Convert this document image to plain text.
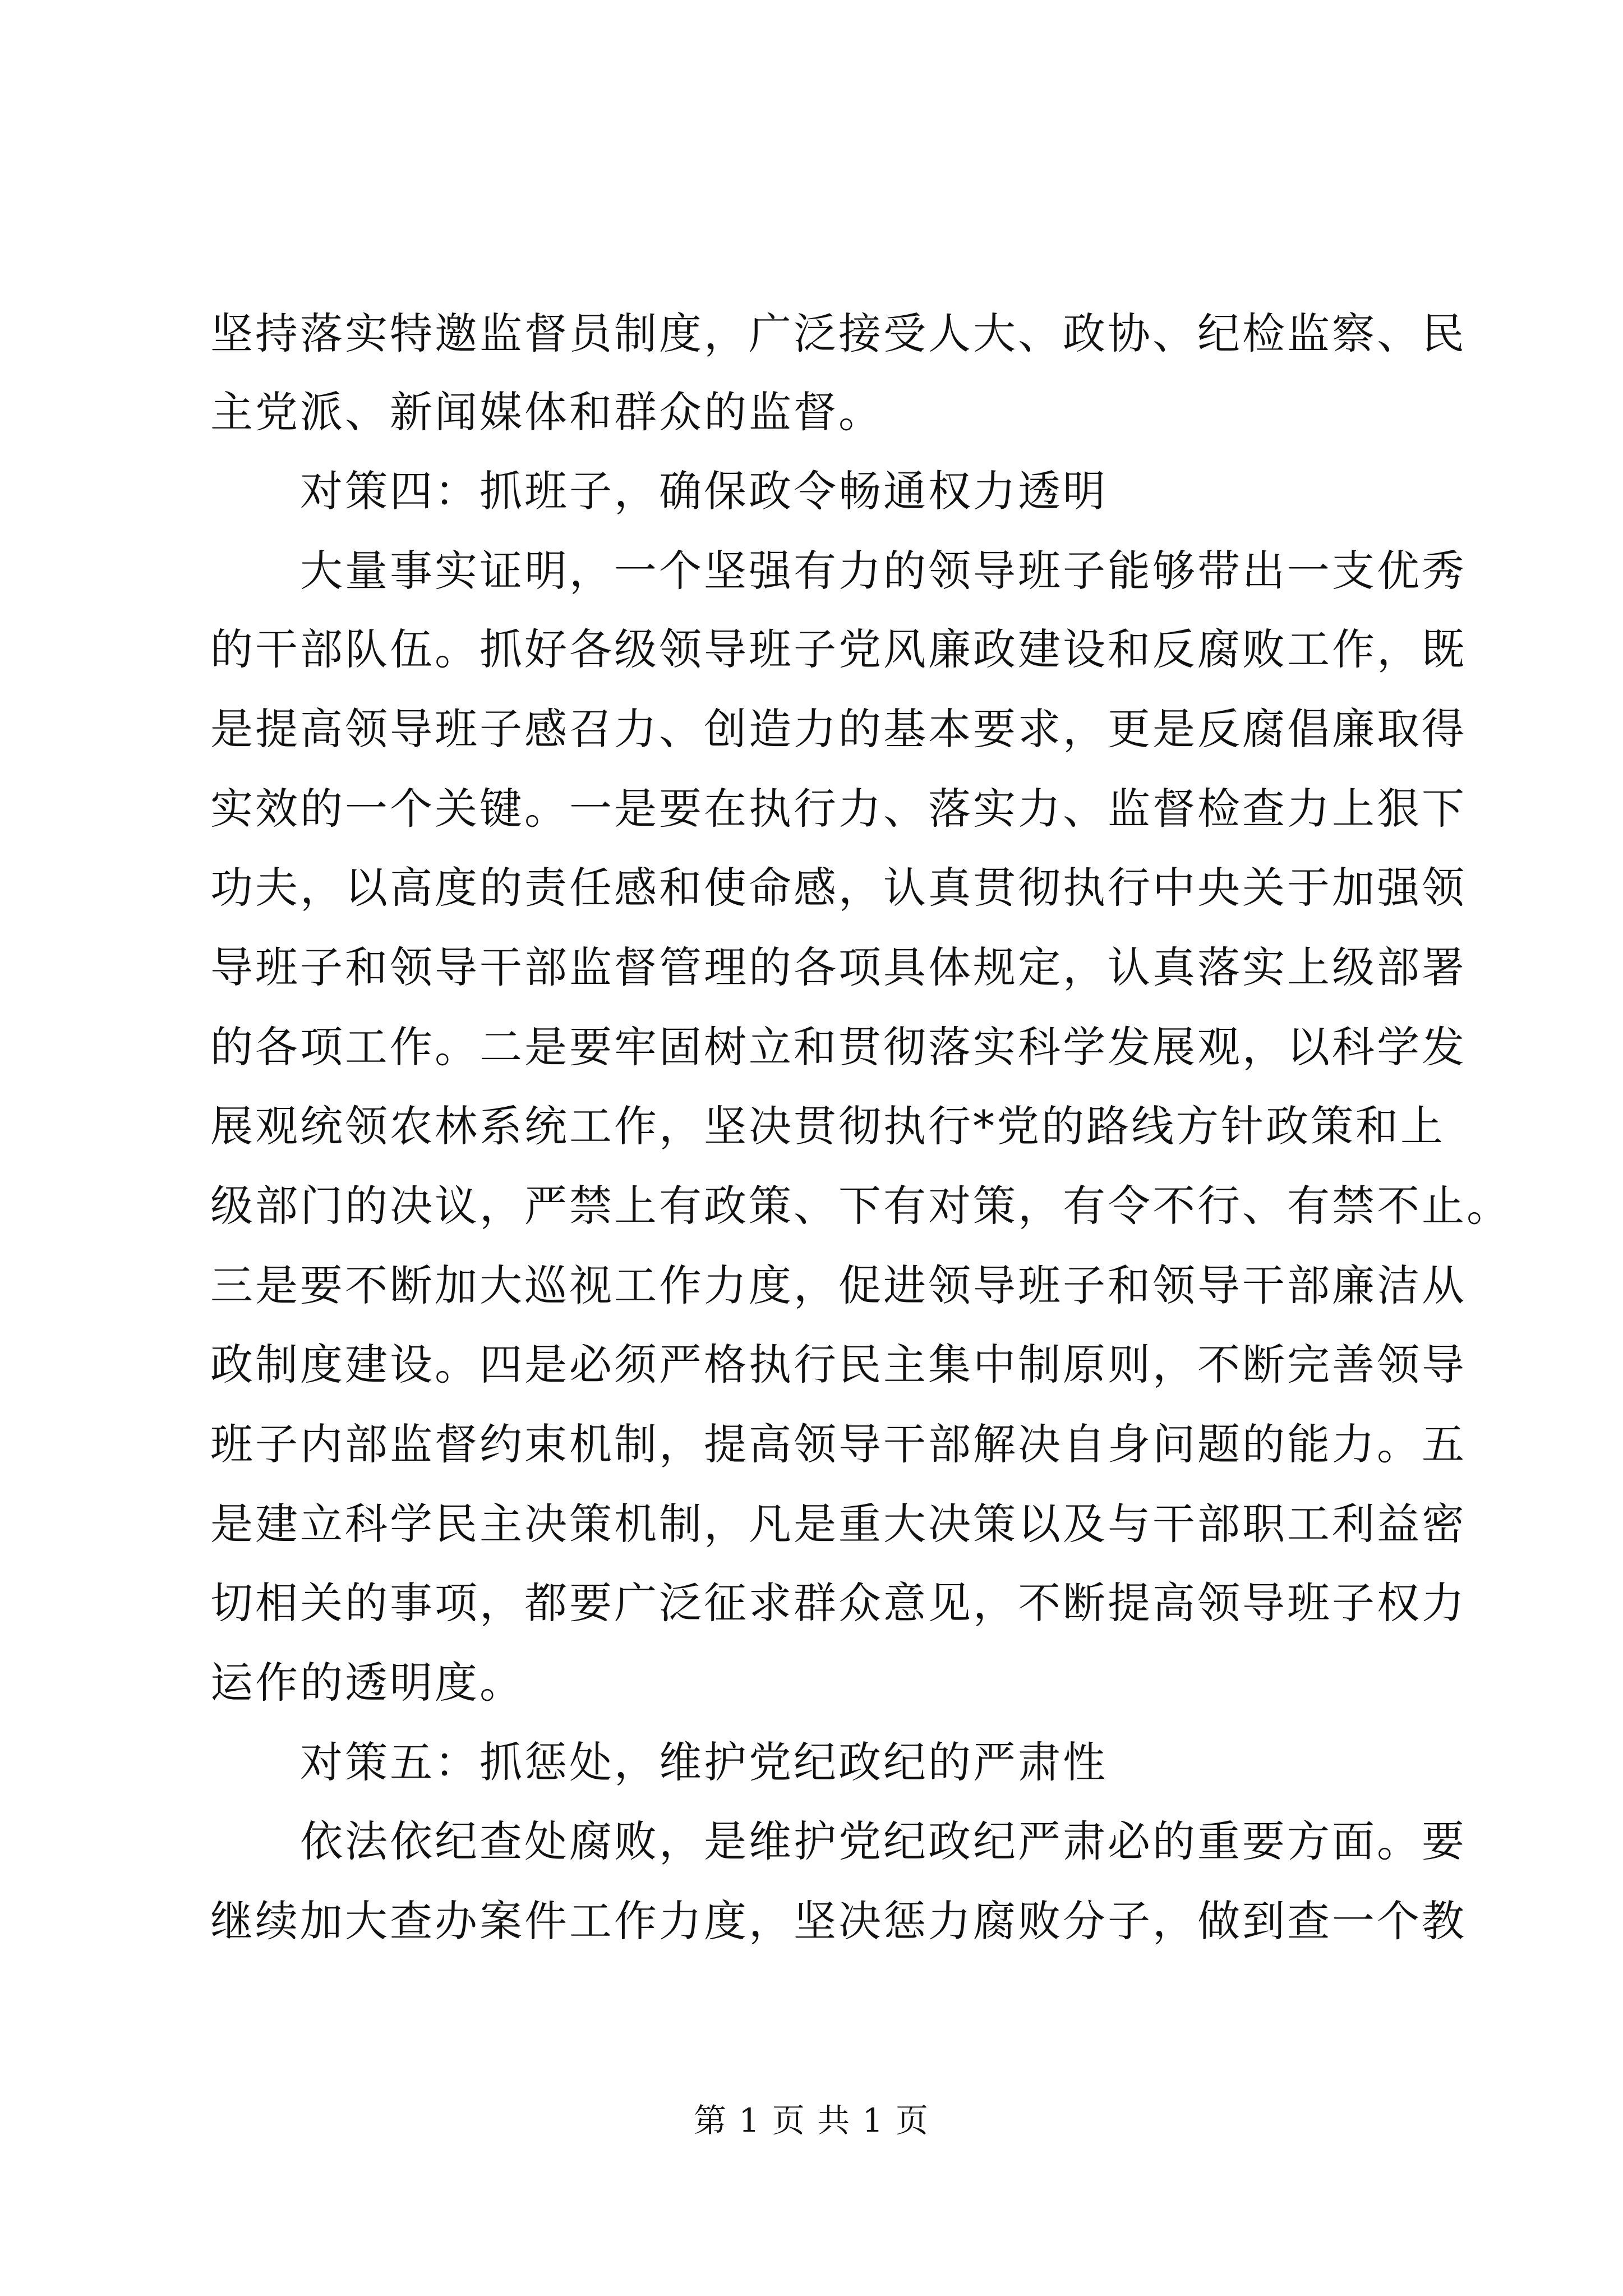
坚持落实特邀监督员制度，广泛接受人大、政协、纪检监察、民
主党派、新闻媒体和群众的监督。
对策四：抓班子，确保政令畅通权力透明
大量事实证明，一个坚强有力的领导班子能够带出一支优秀
的干部队伍。抓好各级领导班子党风廉政建设和反腐败工作，既
是提高领导班子感召力、创造力的基本要求，更是反腐倡廉取得
实效的一个关键。一是要在执行力、落实力、监督检查力上狠下
功夫，以高度的责任感和使命感，认真贯彻执行中央关于加强领
导班子和领导干部监督管理的各项具体规定，认真落实上级部署
的各项工作。二是要牢固树立和贯彻落实科学发展观，以科学发
展观统领农林系统工作，坚决贯彻执行*党的路线方针政策和上
级部门的决议，严禁上有政策、下有对策，有令不行、有禁不止。
三是要不断加大巡视工作力度，促进领导班子和领导干部廉洁从
政制度建设。四是必须严格执行民主集中制原则，不断完善领导
班子内部监督约束机制，提高领导干部解决自身问题的能力。五
是建立科学民主决策机制，凡是重大决策以及与干部职工利益密
切相关的事项，都要广泛征求群众意见，不断提高领导班子权力
运作的透明度。
对策五：抓惩处，维护党纪政纪的严肃性
依法依纪查处腐败，是维护党纪政纪严肃必的重要方面。要
继续加大查办案件工作力度，坚决惩力腐败分子，做到查一个教
第 1 页 共 1 页
